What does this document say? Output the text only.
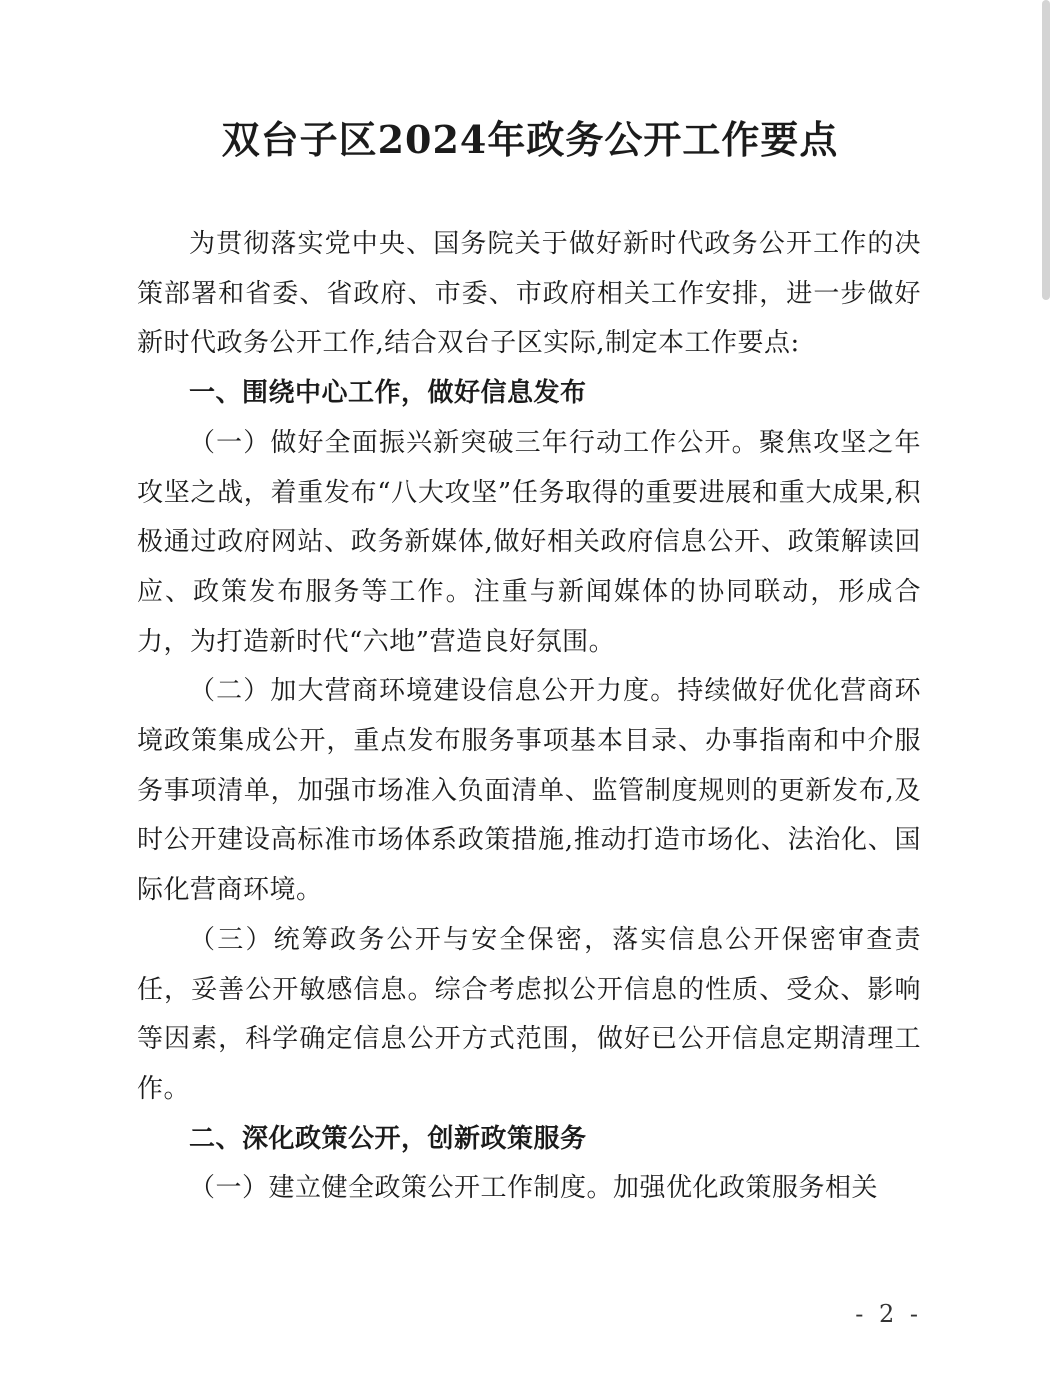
双台子区2024年政务公开工作要点

为贯彻落实党中央、国务院关于做好新时代政务公开工作的决策部署和省委、省政府、市委、市政府相关工作安排，进一步做好新时代政务公开工作,结合双台子区实际,制定本工作要点:

一、围绕中心工作，做好信息发布

（一）做好全面振兴新突破三年行动工作公开。聚焦攻坚之年攻坚之战，着重发布“八大攻坚”任务取得的重要进展和重大成果,积极通过政府网站、政务新媒体,做好相关政府信息公开、政策解读回应、政策发布服务等工作。注重与新闻媒体的协同联动，形成合力，为打造新时代“六地”营造良好氛围。

（二）加大营商环境建设信息公开力度。持续做好优化营商环境政策集成公开，重点发布服务事项基本目录、办事指南和中介服务事项清单，加强市场准入负面清单、监管制度规则的更新发布,及时公开建设高标准市场体系政策措施,推动打造市场化、法治化、国际化营商环境。

（三）统筹政务公开与安全保密，落实信息公开保密审查责任，妥善公开敏感信息。综合考虑拟公开信息的性质、受众、影响等因素，科学确定信息公开方式范围，做好已公开信息定期清理工作。

二、深化政策公开，创新政策服务

（一）建立健全政策公开工作制度。加强优化政策服务相关

- 2 -
